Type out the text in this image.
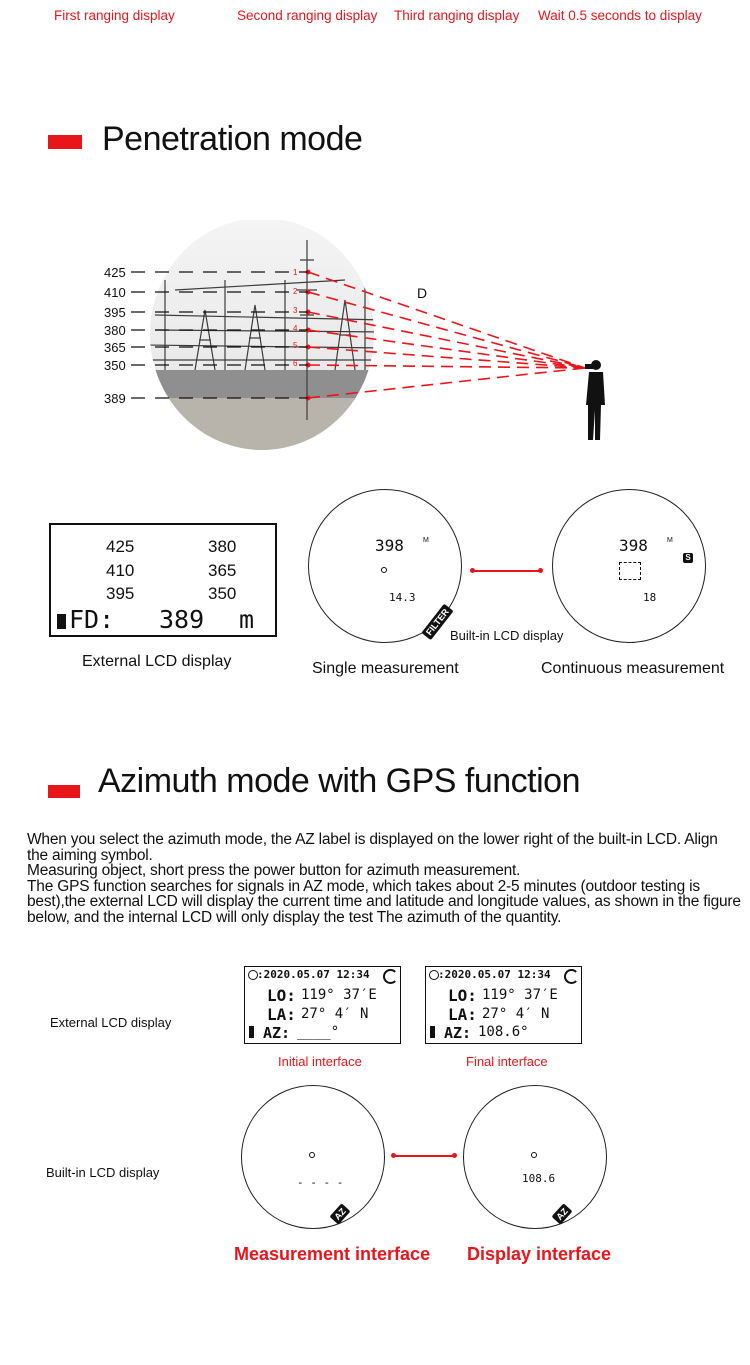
First ranging display	Second ranging display Third ranging display Wait 0.5 seconds to display
Penetration mode
425
410
395
380
365
350
389
1
2
3
4
5
6
D
425	380
410	365
395	350
FD: 389 m
External LCD display
398	M
14.3
FILTER
Single measurement
Built-in LCD display
398	M
S
18
Continuous measurement
Azimuth mode with GPS function

When you select the azimuth mode, the AZ label is displayed on the lower right of the built-in LCD. Align the aiming symbol.

Measuring object, short press the power button for azimuth measurement.

The GPS function searches for signals in AZ mode, which takes about 2-5 minutes (outdoor testing is best),the external LCD will display the current time and latitude and longitude values, as shown in the figure below, and the internal LCD will only display the test The azimuth of the quantity.

External LCD display
:2020.05.07 12:34
LO: 119° 37′E
LA: 27° 4′ N
AZ: ____°
Initial interface
:2020.05.07 12:34
LO: 119° 37′E
LA: 27° 4′ N
AZ: 108.6°
Final interface
Built-in LCD display
- - - -
AZ
Measurement interface
108.6
AZ
Display interface
